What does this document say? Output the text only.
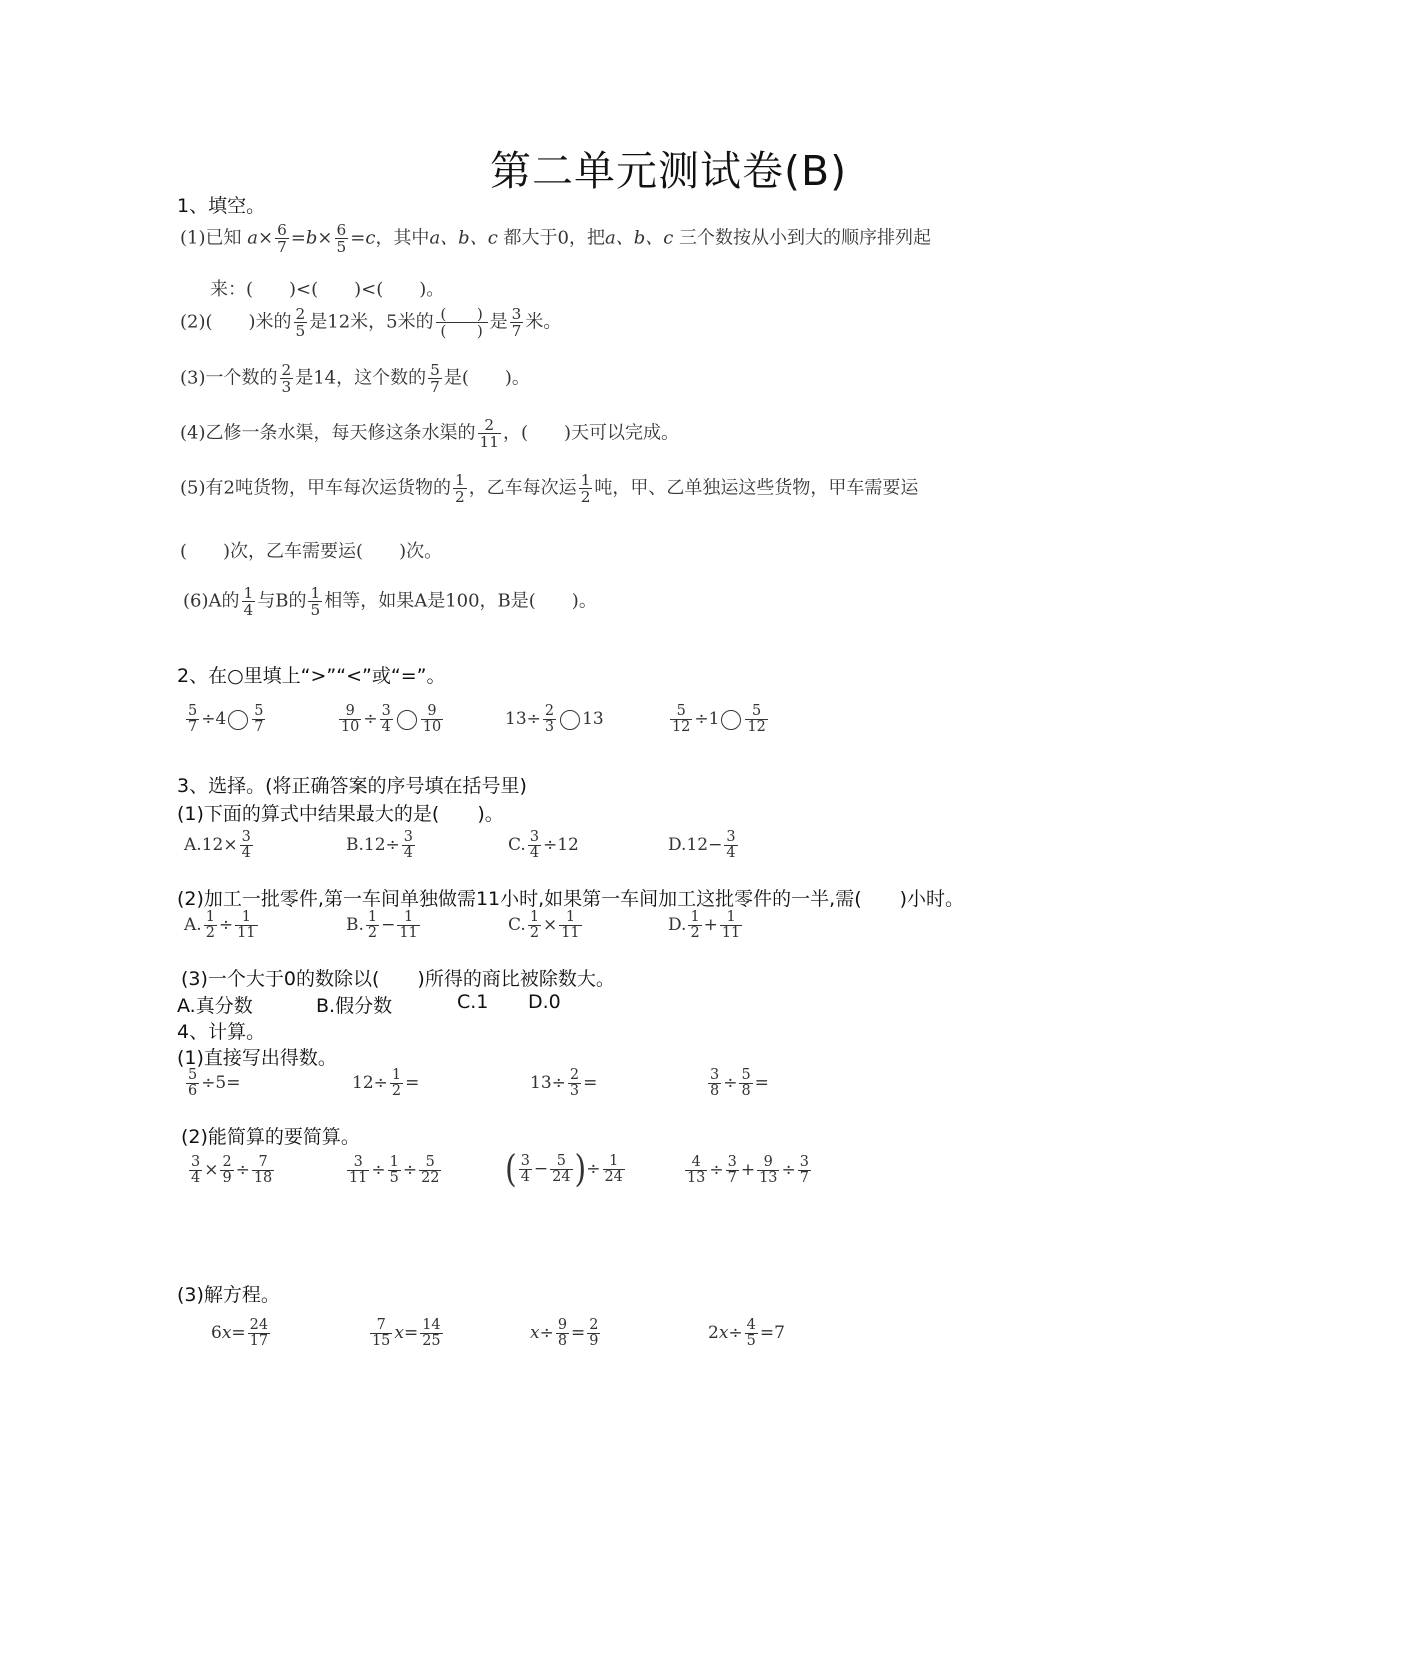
第二单元测试卷(B)
1、填空。
(1)已知 $a\times \frac{6}{7} =b\times \frac{6}{5} =c$，其中a、b、c 都大于0，把a、b、c 三个数按从小到大的顺序排列起
来：(　　)<(　　)<(　　)。
(2)(　　)米的 $\frac{2}{5}$ 是12米，5米的 (　　)
(　　) 是 $\frac{3}{7}$ 米。
(3)一个数的 $\frac{2}{3}$ 是14，这个数的 $\frac{5}{7}$ 是(　　)。
(4)乙修一条水渠，每天修这条水渠的 $\frac{2}{11}$ ，(　　)天可以完成。
(5)有2吨货物，甲车每次运货物的 $\frac{1}{2}$ ，乙车每次运 $\frac{1}{2}$ 吨，甲、乙单独运这些货物，甲车需要运
(　　)次，乙车需要运(　　)次。
(6)A的 $\frac{1}{4}$ 与B的 $\frac{1}{5}$ 相等，如果A是100，B是(　　)。
2、在○里填上“>”“<”或“=”。
$\frac{5}{7} \div 4 \frac{5}{7}$	$\frac{9}{10} \div \frac{3}{4} \frac{9}{10}$	$13\div \frac{2}{3} 13$	$\frac{5}{12} \div 1 \frac{5}{12}$
3、选择。(将正确答案的序号填在括号里)
(1)下面的算式中结果最大的是(　　)。
$A.12\times \frac{3}{4}$	$B.12\div \frac{3}{4}$	C. $\frac{3}{4} \div 12$	$D.12- \frac{3}{4}$
(2)加工一批零件,第一车间单独做需11小时,如果第一车间加工这批零件的一半,需(　　)小时。
A. $\frac{1}{2} \div \frac{1}{11}$	B. $\frac{1}{2} - \frac{1}{11}$	C. $\frac{1}{2} \times \frac{1}{11}$	D. $\frac{1}{2} + \frac{1}{11}$
(3)一个大于0的数除以(　　)所得的商比被除数大。
A.真分数	B.假分数	C.1 D.0
4、计算。
(1)直接写出得数。
$\frac{5}{6} \div 5=$	$12\div \frac{1}{2}$ =	$13\div \frac{2}{3}$ =	$\frac{3}{8} \div \frac{5}{8}$ =
(2)能简算的要简算。
$\frac{3}{4} \times \frac{2}{9} \div \frac{7}{18}$	$\frac{3}{11} \div \frac{1}{5} \div \frac{5}{22}$ ( $\frac{3}{4} - \frac{5}{24}$ )÷ $\frac{1}{24}$	$\frac{4}{13} \div \frac{3}{7} + \frac{9}{13} \div \frac{3}{7}$
(3)解方程。
$6x= \frac{24}{17}$	$\frac{7}{15} x= \frac{14}{25}$	$x\div \frac{9}{8} = \frac{2}{9}$	$2x\div \frac{4}{5} =7$
